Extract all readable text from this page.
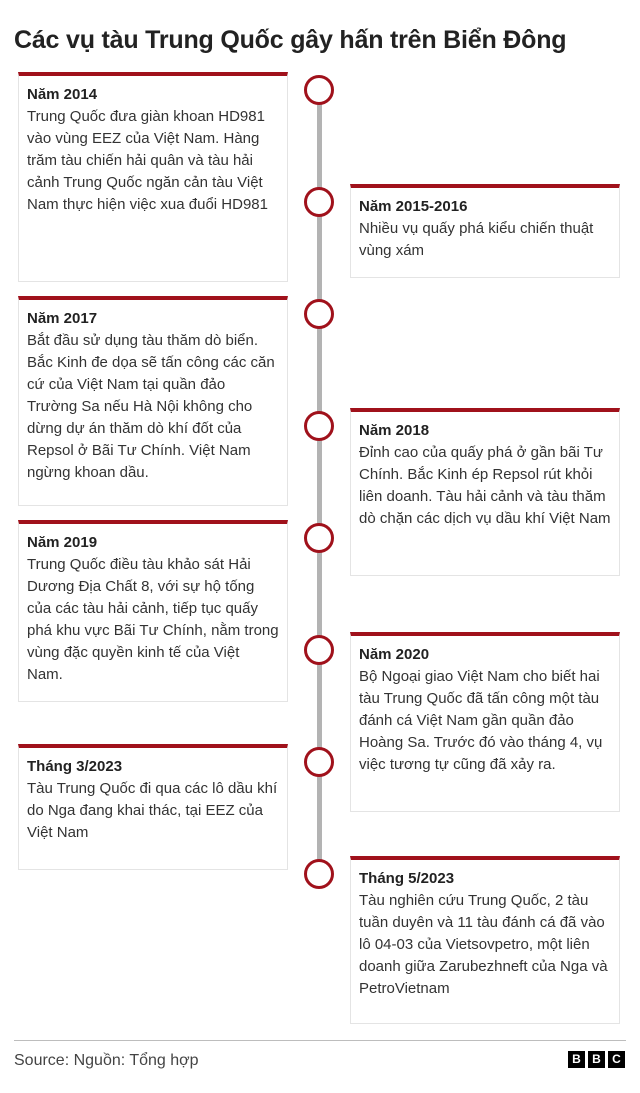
Các vụ tàu Trung Quốc gây hấn trên Biển Đông
Năm 2014
Trung Quốc đưa giàn khoan HD981 vào vùng EEZ của Việt Nam. Hàng trăm tàu chiến hải quân và tàu hải cảnh Trung Quốc ngăn cản tàu Việt Nam thực hiện việc xua đuổi HD981	Năm 2015-2016
Nhiều vụ quấy phá kiểu chiến thuật vùng xám
Năm 2017
Bắt đầu sử dụng tàu thăm dò biển. Bắc Kinh đe dọa sẽ tấn công các căn cứ của Việt Nam tại quần đảo Trường Sa nếu Hà Nội không cho dừng dự án thăm dò khí đốt của Repsol ở Bãi Tư Chính. Việt Nam ngừng khoan dầu.
Năm 2018
Đỉnh cao của quấy phá ở gần bãi Tư Chính. Bắc Kinh ép Repsol rút khỏi liên doanh. Tàu hải cảnh và tàu thăm dò chặn các dịch vụ dầu khí Việt Nam
Năm 2019
Trung Quốc điều tàu khảo sát Hải Dương Địa Chất 8, với sự hộ tống của các tàu hải cảnh, tiếp tục quấy phá khu vực Bãi Tư Chính, nằm trong vùng đặc quyền kinh tế của Việt Nam.
Năm 2020
Bộ Ngoại giao Việt Nam cho biết hai tàu Trung Quốc đã tấn công một tàu đánh cá Việt Nam gần quần đảo Hoàng Sa. Trước đó vào tháng 4, vụ việc tương tự cũng đã xảy ra.
Tháng 3/2023
Tàu Trung Quốc đi qua các lô dầu khí do Nga đang khai thác, tại EEZ của Việt Nam
Tháng 5/2023
Tàu nghiên cứu Trung Quốc, 2 tàu tuần duyên và 11 tàu đánh cá đã vào lô 04-03 của Vietsovpetro, một liên doanh giữa Zarubezhneft của Nga và PetroVietnam
Source: Nguồn: Tổng hợp	B B C
